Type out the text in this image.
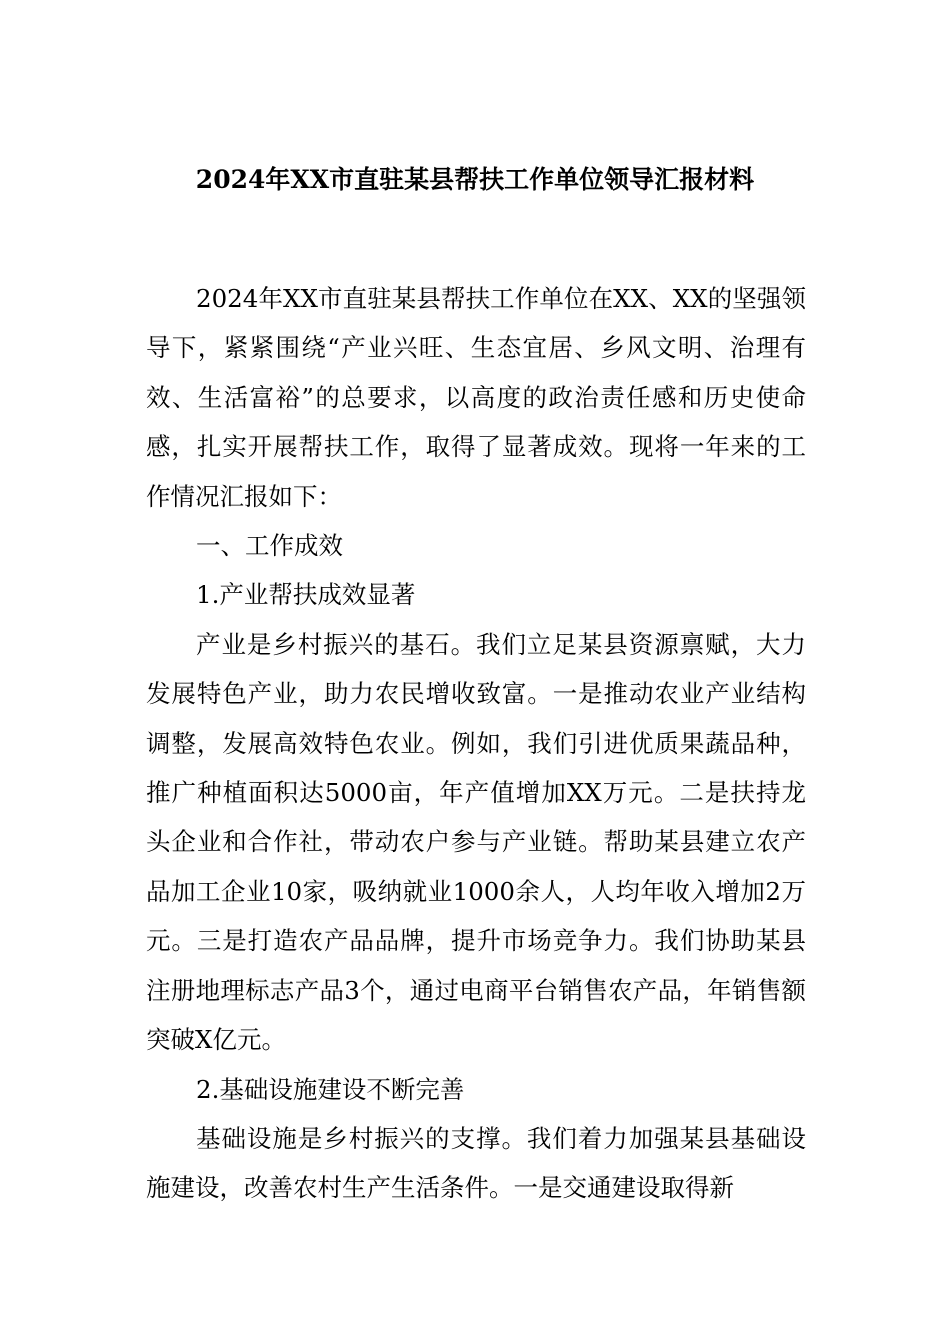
2024年XX市直驻某县帮扶工作单位领导汇报材料

2024年XX市直驻某县帮扶工作单位在XX、XX的坚强领导下，紧紧围绕“产业兴旺、生态宜居、乡风文明、治理有效、生活富裕”的总要求，以高度的政治责任感和历史使命感，扎实开展帮扶工作，取得了显著成效。现将一年来的工作情况汇报如下：

一、工作成效

1.产业帮扶成效显著

产业是乡村振兴的基石。我们立足某县资源禀赋，大力发展特色产业，助力农民增收致富。一是推动农业产业结构调整，发展高效特色农业。例如，我们引进优质果蔬品种，推广种植面积达5000亩，年产值增加XX万元。二是扶持龙头企业和合作社，带动农户参与产业链。帮助某县建立农产品加工企业10家，吸纳就业1000余人，人均年收入增加2万元。三是打造农产品品牌，提升市场竞争力。我们协助某县注册地理标志产品3个，通过电商平台销售农产品，年销售额突破X亿元。

2.基础设施建设不断完善

基础设施是乡村振兴的支撑。我们着力加强某县基础设施建设，改善农村生产生活条件。一是交通建设取得新
